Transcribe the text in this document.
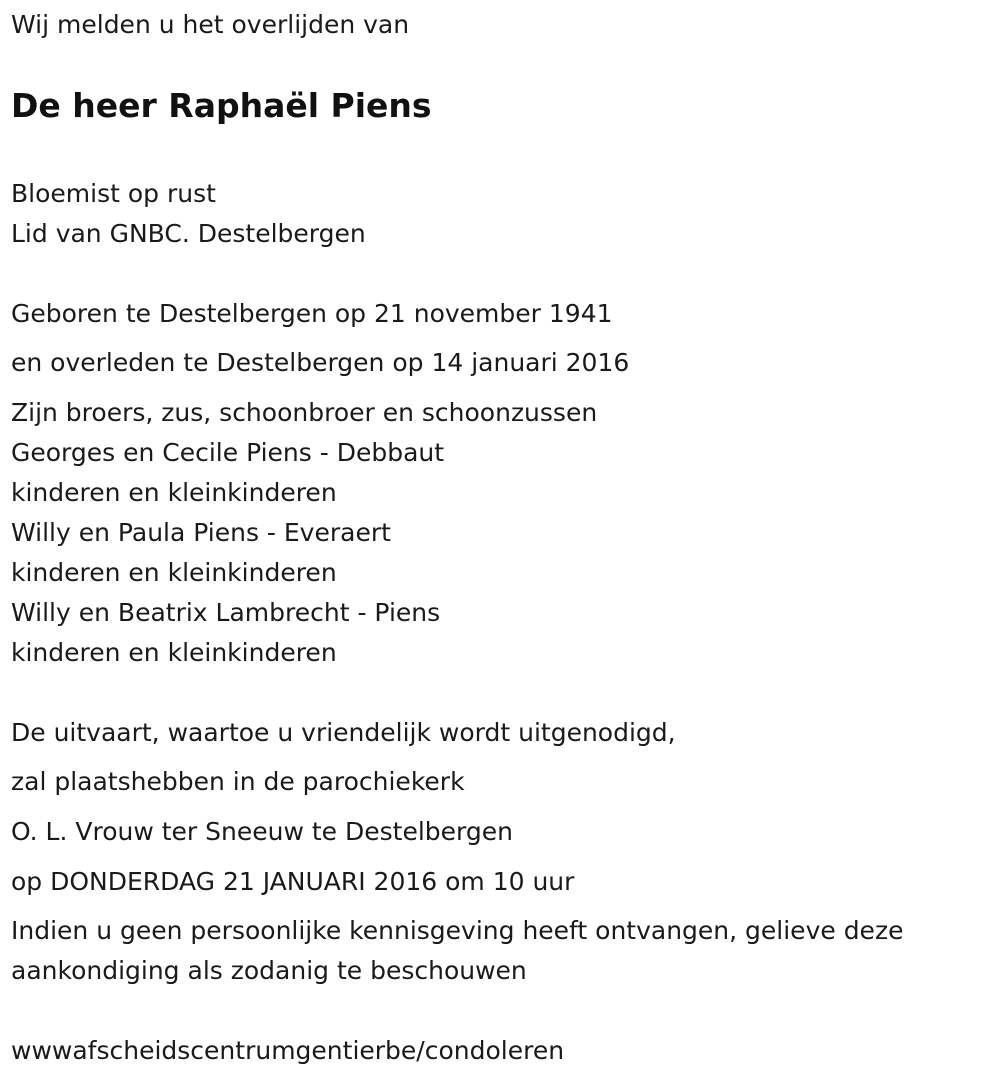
Wij melden u het overlijden van

De heer Raphaël Piens

Bloemist op rust

Lid van GNBC. Destelbergen

Geboren te Destelbergen op 21 november 1941

en overleden te Destelbergen op 14 januari 2016

Zijn broers, zus, schoonbroer en schoonzussen

Georges en Cecile Piens - Debbaut

kinderen en kleinkinderen

Willy en Paula Piens - Everaert

kinderen en kleinkinderen

Willy en Beatrix Lambrecht - Piens

kinderen en kleinkinderen

De uitvaart, waartoe u vriendelijk wordt uitgenodigd,

zal plaatshebben in de parochiekerk

O. L. Vrouw ter Sneeuw te Destelbergen

op DONDERDAG 21 JANUARI 2016 om 10 uur

Indien u geen persoonlijke kennisgeving heeft ontvangen, gelieve deze

aankondiging als zodanig te beschouwen

wwwafscheidscentrumgentierbe/condoleren
